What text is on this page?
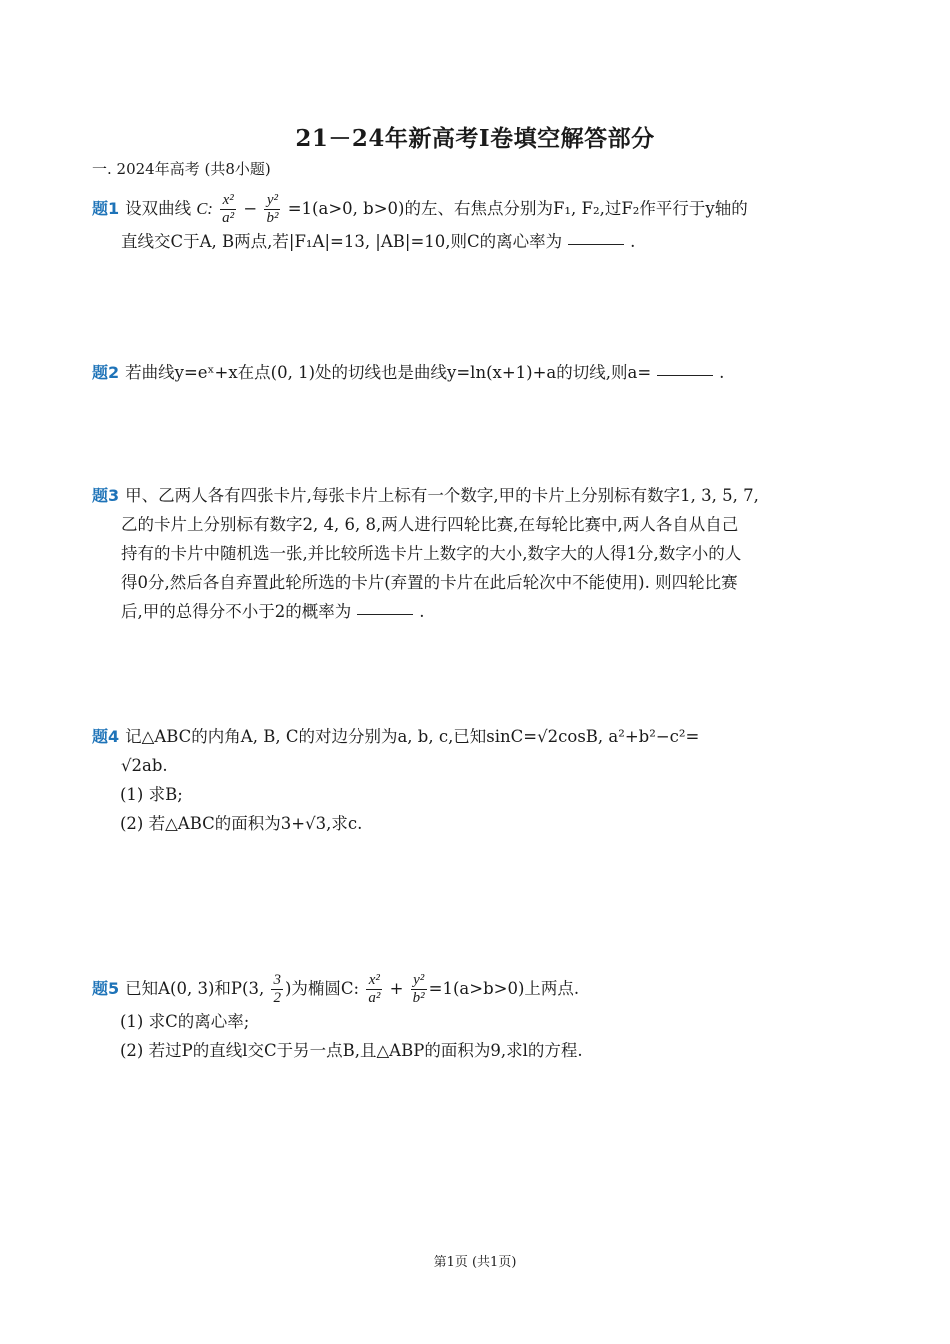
21－24年新高考I卷填空解答部分
一. 2024年高考 (共8小题)
题1 设双曲线 C: $\frac{\text{x²}}{\text{a²}} - \frac{\text{y²}}{\text{b²}} =1(a>0$, b>0)的左、右焦点分别为F₁, F₂,过F₂作平行于y轴的
直线交C于A, B两点,若|F₁A|=13, |AB|=10,则C的离心率为	.
题2 若曲线y=eˣ+x在点(0, 1)处的切线也是曲线y=ln(x+1)+a的切线,则a=	.
题3 甲、乙两人各有四张卡片,每张卡片上标有一个数字,甲的卡片上分别标有数字1, 3, 5, 7,
乙的卡片上分别标有数字2, 4, 6, 8,两人进行四轮比赛,在每轮比赛中,两人各自从自己
持有的卡片中随机选一张,并比较所选卡片上数字的大小,数字大的人得1分,数字小的人
得0分,然后各自弃置此轮所选的卡片(弃置的卡片在此后轮次中不能使用). 则四轮比赛
后,甲的总得分不小于2的概率为	.
题4 记△ABC的内角A, B, C的对边分别为a, b, c,已知sinC=√2cosB, a²+b²−c²=
√2ab.
(1) 求B;
(2) 若△ABC的面积为3+√3,求c.
题5 已知A(0, 3)和P(3, $\frac{3}{2}$ )为椭圆C: $\frac{\text{x²}}{\text{a²}} + \frac{\text{y²}}{\text{b²}} =1(a>b>0)$上两点.
(1) 求C的离心率;
(2) 若过P的直线l交C于另一点B,且△ABP的面积为9,求l的方程.
第1页 (共1页)
